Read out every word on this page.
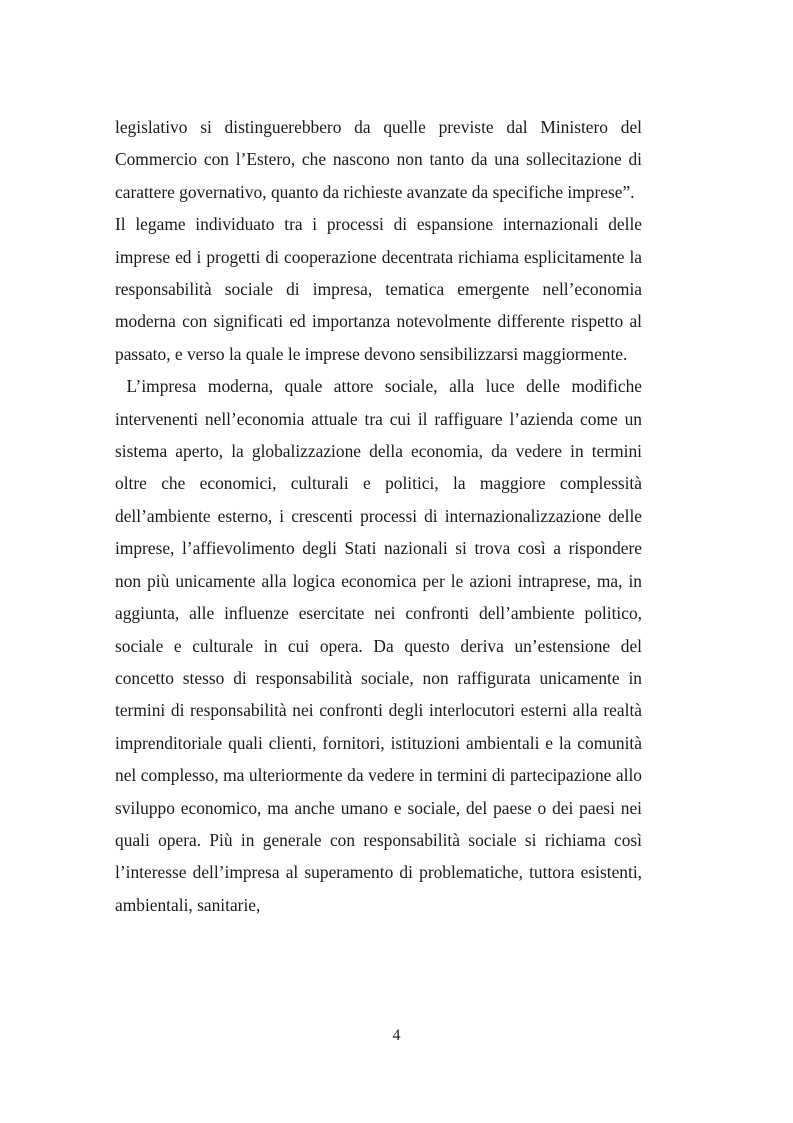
legislativo si distinguerebbero da quelle previste dal Ministero del Commercio con l’Estero, che nascono non tanto da una sollecitazione di carattere governativo, quanto da richieste avanzate da specifiche imprese”.

Il legame individuato tra i processi di espansione internazionali delle imprese ed i progetti di cooperazione decentrata richiama esplicitamente la responsabilità sociale di impresa, tematica emergente nell’economia moderna con significati ed importanza notevolmente differente rispetto al passato, e verso la quale le imprese devono sensibilizzarsi maggiormente.

L’impresa moderna, quale attore sociale, alla luce delle modifiche intervenenti nell’economia attuale tra cui il raffiguare l’azienda come un sistema aperto, la globalizzazione della economia, da vedere in termini oltre che economici, culturali e politici, la maggiore complessità dell’ambiente esterno, i crescenti processi di internazionalizzazione delle imprese, l’affievolimento degli Stati nazionali si trova così a rispondere non più unicamente alla logica economica per le azioni intraprese, ma, in aggiunta, alle influenze esercitate nei confronti dell’ambiente politico, sociale e culturale in cui opera. Da questo deriva un’estensione del concetto stesso di responsabilità sociale, non raffigurata unicamente in termini di responsabilità nei confronti degli interlocutori esterni alla realtà imprenditoriale quali clienti, fornitori, istituzioni ambientali e la comunità nel complesso, ma ulteriormente da vedere in termini di partecipazione allo sviluppo economico, ma anche umano e sociale, del paese o dei paesi nei quali opera. Più in generale con responsabilità sociale si richiama così l’interesse dell’impresa al superamento di problematiche, tuttora esistenti, ambientali, sanitarie,

4
